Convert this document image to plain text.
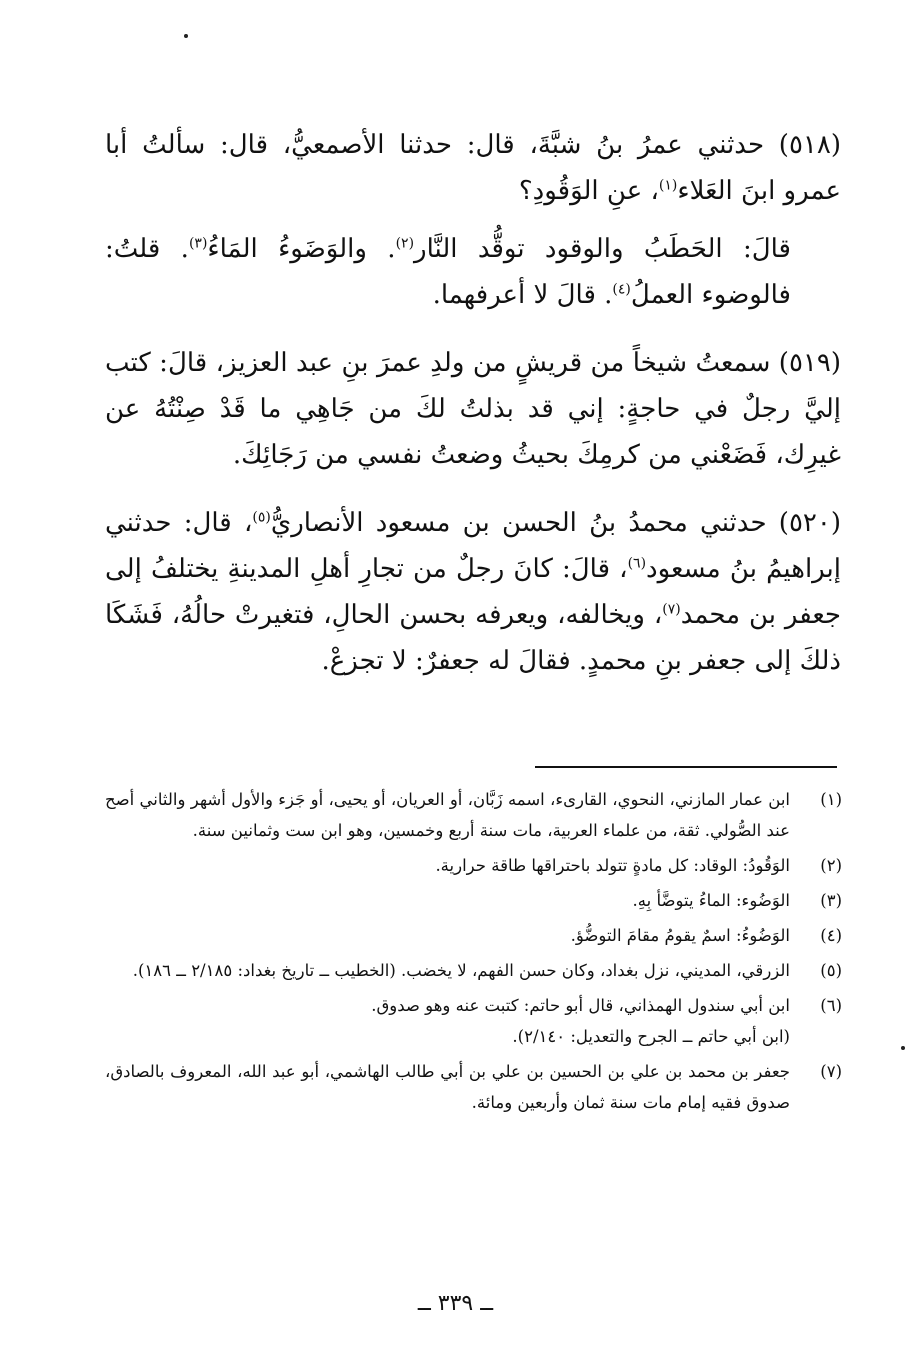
(٥١٨) حدثني عمرُ بنُ شبَّةَ، قال: حدثنا الأصمعيُّ، قال: سألتُ أبا عمرو ابنَ العَلاء$^{(١)}$، عنِ الوَقُودِ؟

قالَ: الحَطَبُ والوقود توقُّد النَّار$^{(٢)}$. والوَضَوءُ المَاءُ$^{(٣)}$. قلتُ: فالوضوء العملُ$^{(٤)}$. قالَ لا أعرفهما.

(٥١٩) سمعتُ شيخاً من قريشٍ من ولدِ عمرَ بنِ عبد العزيز، قالَ: كتب إليَّ رجلٌ في حاجةٍ: إني قد بذلتُ لكَ من جَاهِي ما قَدْ صِنْتُهُ عن غيرِك، فَضَعْني من كرمِكَ بحيثُ وضعتُ نفسي من رَجَائِكَ.

(٥٢٠) حدثني محمدُ بنُ الحسن بن مسعود الأنصاريُّ$^{(٥)}$، قال: حدثني إبراهيمُ بنُ مسعود$^{(٦)}$، قالَ: كانَ رجلٌ من تجارِ أهلِ المدينةِ يختلفُ إلى جعفر بن محمد$^{(٧)}$، ويخالفه، ويعرفه بحسن الحالِ، فتغيرتْ حالُهُ، فَشَكَا ذلكَ إلى جعفر بنِ محمدٍ. فقالَ له جعفرٌ: لا تجزعْ.

(١)

ابن عمار المازني، النحوي، القارىء، اسمه زَبَّان، أو العريان، أو يحيى، أو جَزء والأول أشهر والثاني أصح عند الصُّولي. ثقة، من علماء العربية، مات سنة أربع وخمسين، وهو ابن ست وثمانين سنة.

(٢)

الوَقُودُ: الوقاد: كل مادةٍ تتولد باحتراقها طاقة حرارية.

(٣)

الوَضُوء: الماءُ يتوضَّأ بِهِ.

(٤)

الوَضُوءُ: اسمٌ يقومُ مقامَ التوضُّؤ.

(٥)

الزرقي، المديني، نزل بغداد، وكان حسن الفهم، لا يخضب. (الخطيب ــ تاريخ بغداد: ٢/١٨٥ ــ ١٨٦).

(٦)

ابن أبي سندول الهمذاني، قال أبو حاتم: كتبت عنه وهو صدوق.

(ابن أبي حاتم ــ الجرح والتعديل: ٢/١٤٠).

(٧)

جعفر بن محمد بن علي بن الحسين بن علي بن أبي طالب الهاشمي، أبو عبد الله، المعروف بالصادق، صدوق فقيه إمام مات سنة ثمان وأربعين ومائة.

ــ ٣٣٩ ــ
